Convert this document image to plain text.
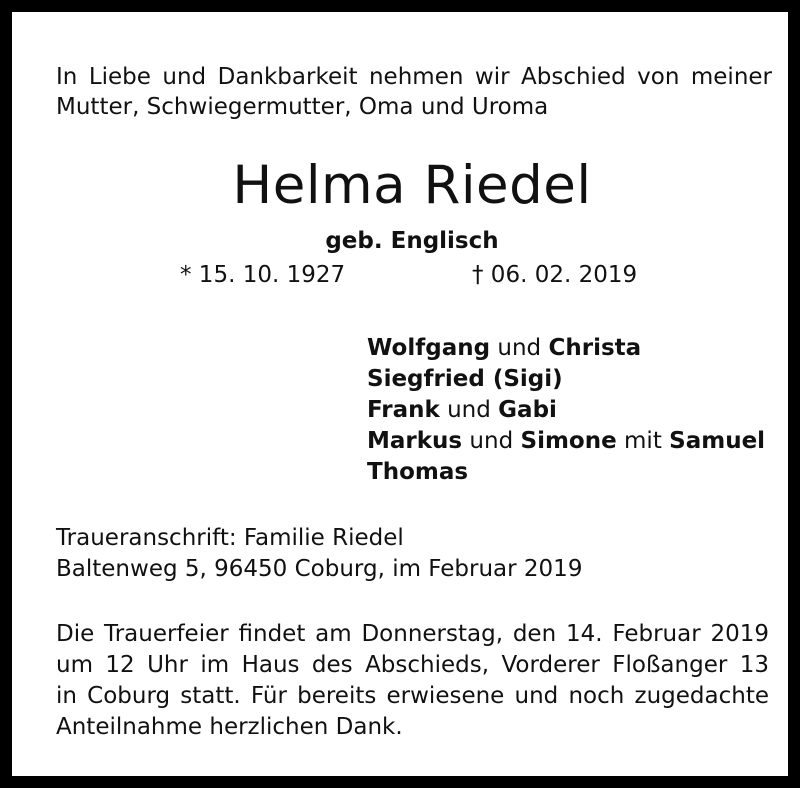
In Liebe und Dankbarkeit nehmen wir Abschied von meiner
Mutter, Schwiegermutter, Oma und Uroma
Helma Riedel
geb. Englisch
* 15. 10. 1927	† 06. 02. 2019
Wolfgang und Christa
Siegfried (Sigi)
Frank und Gabi
Markus und Simone mit Samuel
Thomas
Traueranschrift: Familie Riedel
Baltenweg 5, 96450 Coburg, im Februar 2019
Die Trauerfeier findet am Donnerstag, den 14. Februar 2019
um 12 Uhr im Haus des Abschieds, Vorderer Floßanger 13
in Coburg statt. Für bereits erwiesene und noch zugedachte
Anteilnahme herzlichen Dank.
